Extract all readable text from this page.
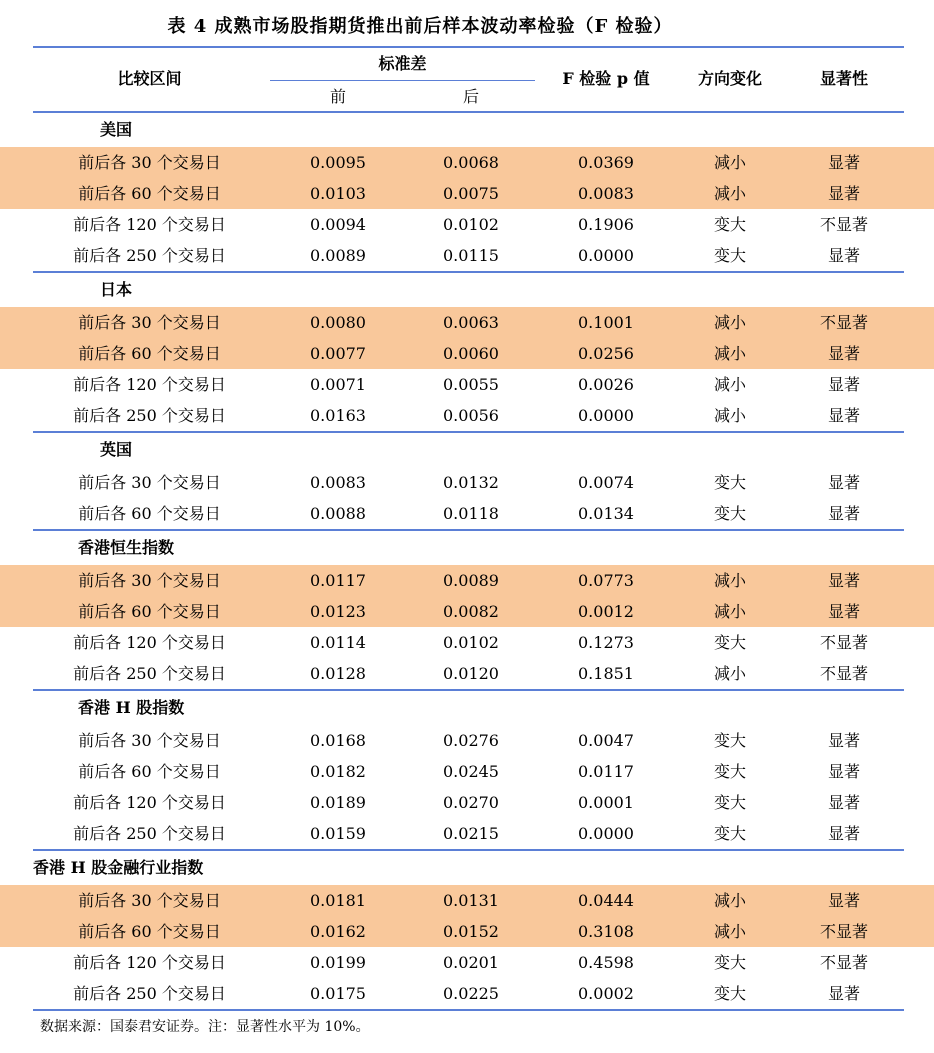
表 4 成熟市场股指期货推出前后样本波动率检验（F 检验）
比较区间
标准差
前	后
F 检验 p 值	方向变化	显著性
美国
前后各 30 个交易日	0.0095	0.0068	0.0369	减小	显著
前后各 60 个交易日	0.0103	0.0075	0.0083	减小	显著
前后各 120 个交易日	0.0094	0.0102	0.1906	变大	不显著
前后各 250 个交易日	0.0089	0.0115	0.0000	变大	显著
日本
前后各 30 个交易日	0.0080	0.0063	0.1001	减小	不显著
前后各 60 个交易日	0.0077	0.0060	0.0256	减小	显著
前后各 120 个交易日	0.0071	0.0055	0.0026	减小	显著
前后各 250 个交易日	0.0163	0.0056	0.0000	减小	显著
英国
前后各 30 个交易日	0.0083	0.0132	0.0074	变大	显著
前后各 60 个交易日	0.0088	0.0118	0.0134	变大	显著
香港恒生指数
前后各 30 个交易日	0.0117	0.0089	0.0773	减小	显著
前后各 60 个交易日	0.0123	0.0082	0.0012	减小	显著
前后各 120 个交易日	0.0114	0.0102	0.1273	变大	不显著
前后各 250 个交易日	0.0128	0.0120	0.1851	减小	不显著
香港 H 股指数
前后各 30 个交易日	0.0168	0.0276	0.0047	变大	显著
前后各 60 个交易日	0.0182	0.0245	0.0117	变大	显著
前后各 120 个交易日	0.0189	0.0270	0.0001	变大	显著
前后各 250 个交易日	0.0159	0.0215	0.0000	变大	显著
香港 H 股金融行业指数
前后各 30 个交易日	0.0181	0.0131	0.0444	减小	显著
前后各 60 个交易日	0.0162	0.0152	0.3108	减小	不显著
前后各 120 个交易日	0.0199	0.0201	0.4598	变大	不显著
前后各 250 个交易日	0.0175	0.0225	0.0002	变大	显著
数据来源：国泰君安证券。注：显著性水平为 10%。
